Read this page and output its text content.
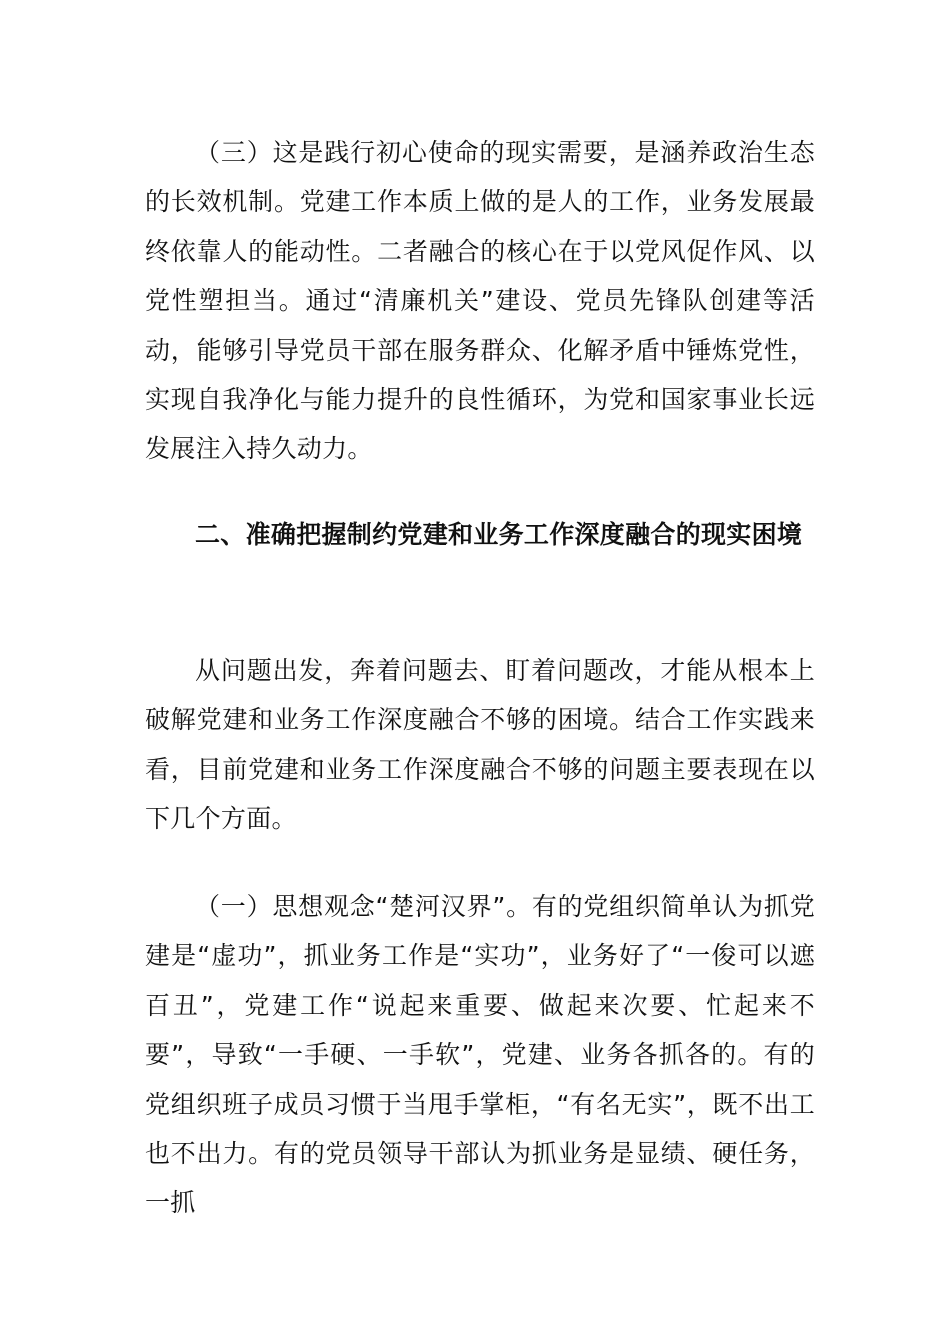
（三）这是践行初心使命的现实需要，是涵养政治生态的长效机制。党建工作本质上做的是人的工作，业务发展最终依靠人的能动性。二者融合的核心在于以党风促作风、以党性塑担当。通过“清廉机关”建设、党员先锋队创建等活动，能够引导党员干部在服务群众、化解矛盾中锤炼党性，实现自我净化与能力提升的良性循环，为党和国家事业长远发展注入持久动力。

二、准确把握制约党建和业务工作深度融合的现实困境

从问题出发，奔着问题去、盯着问题改，才能从根本上破解党建和业务工作深度融合不够的困境。结合工作实践来看，目前党建和业务工作深度融合不够的问题主要表现在以下几个方面。

（一）思想观念“楚河汉界”。有的党组织简单认为抓党建是“虚功”，抓业务工作是“实功”，业务好了“一俊可以遮百丑”，党建工作“说起来重要、做起来次要、忙起来不要”，导致“一手硬、一手软”，党建、业务各抓各的。有的党组织班子成员习惯于当甩手掌柜，“有名无实”，既不出工也不出力。有的党员领导干部认为抓业务是显绩、硬任务，一抓
